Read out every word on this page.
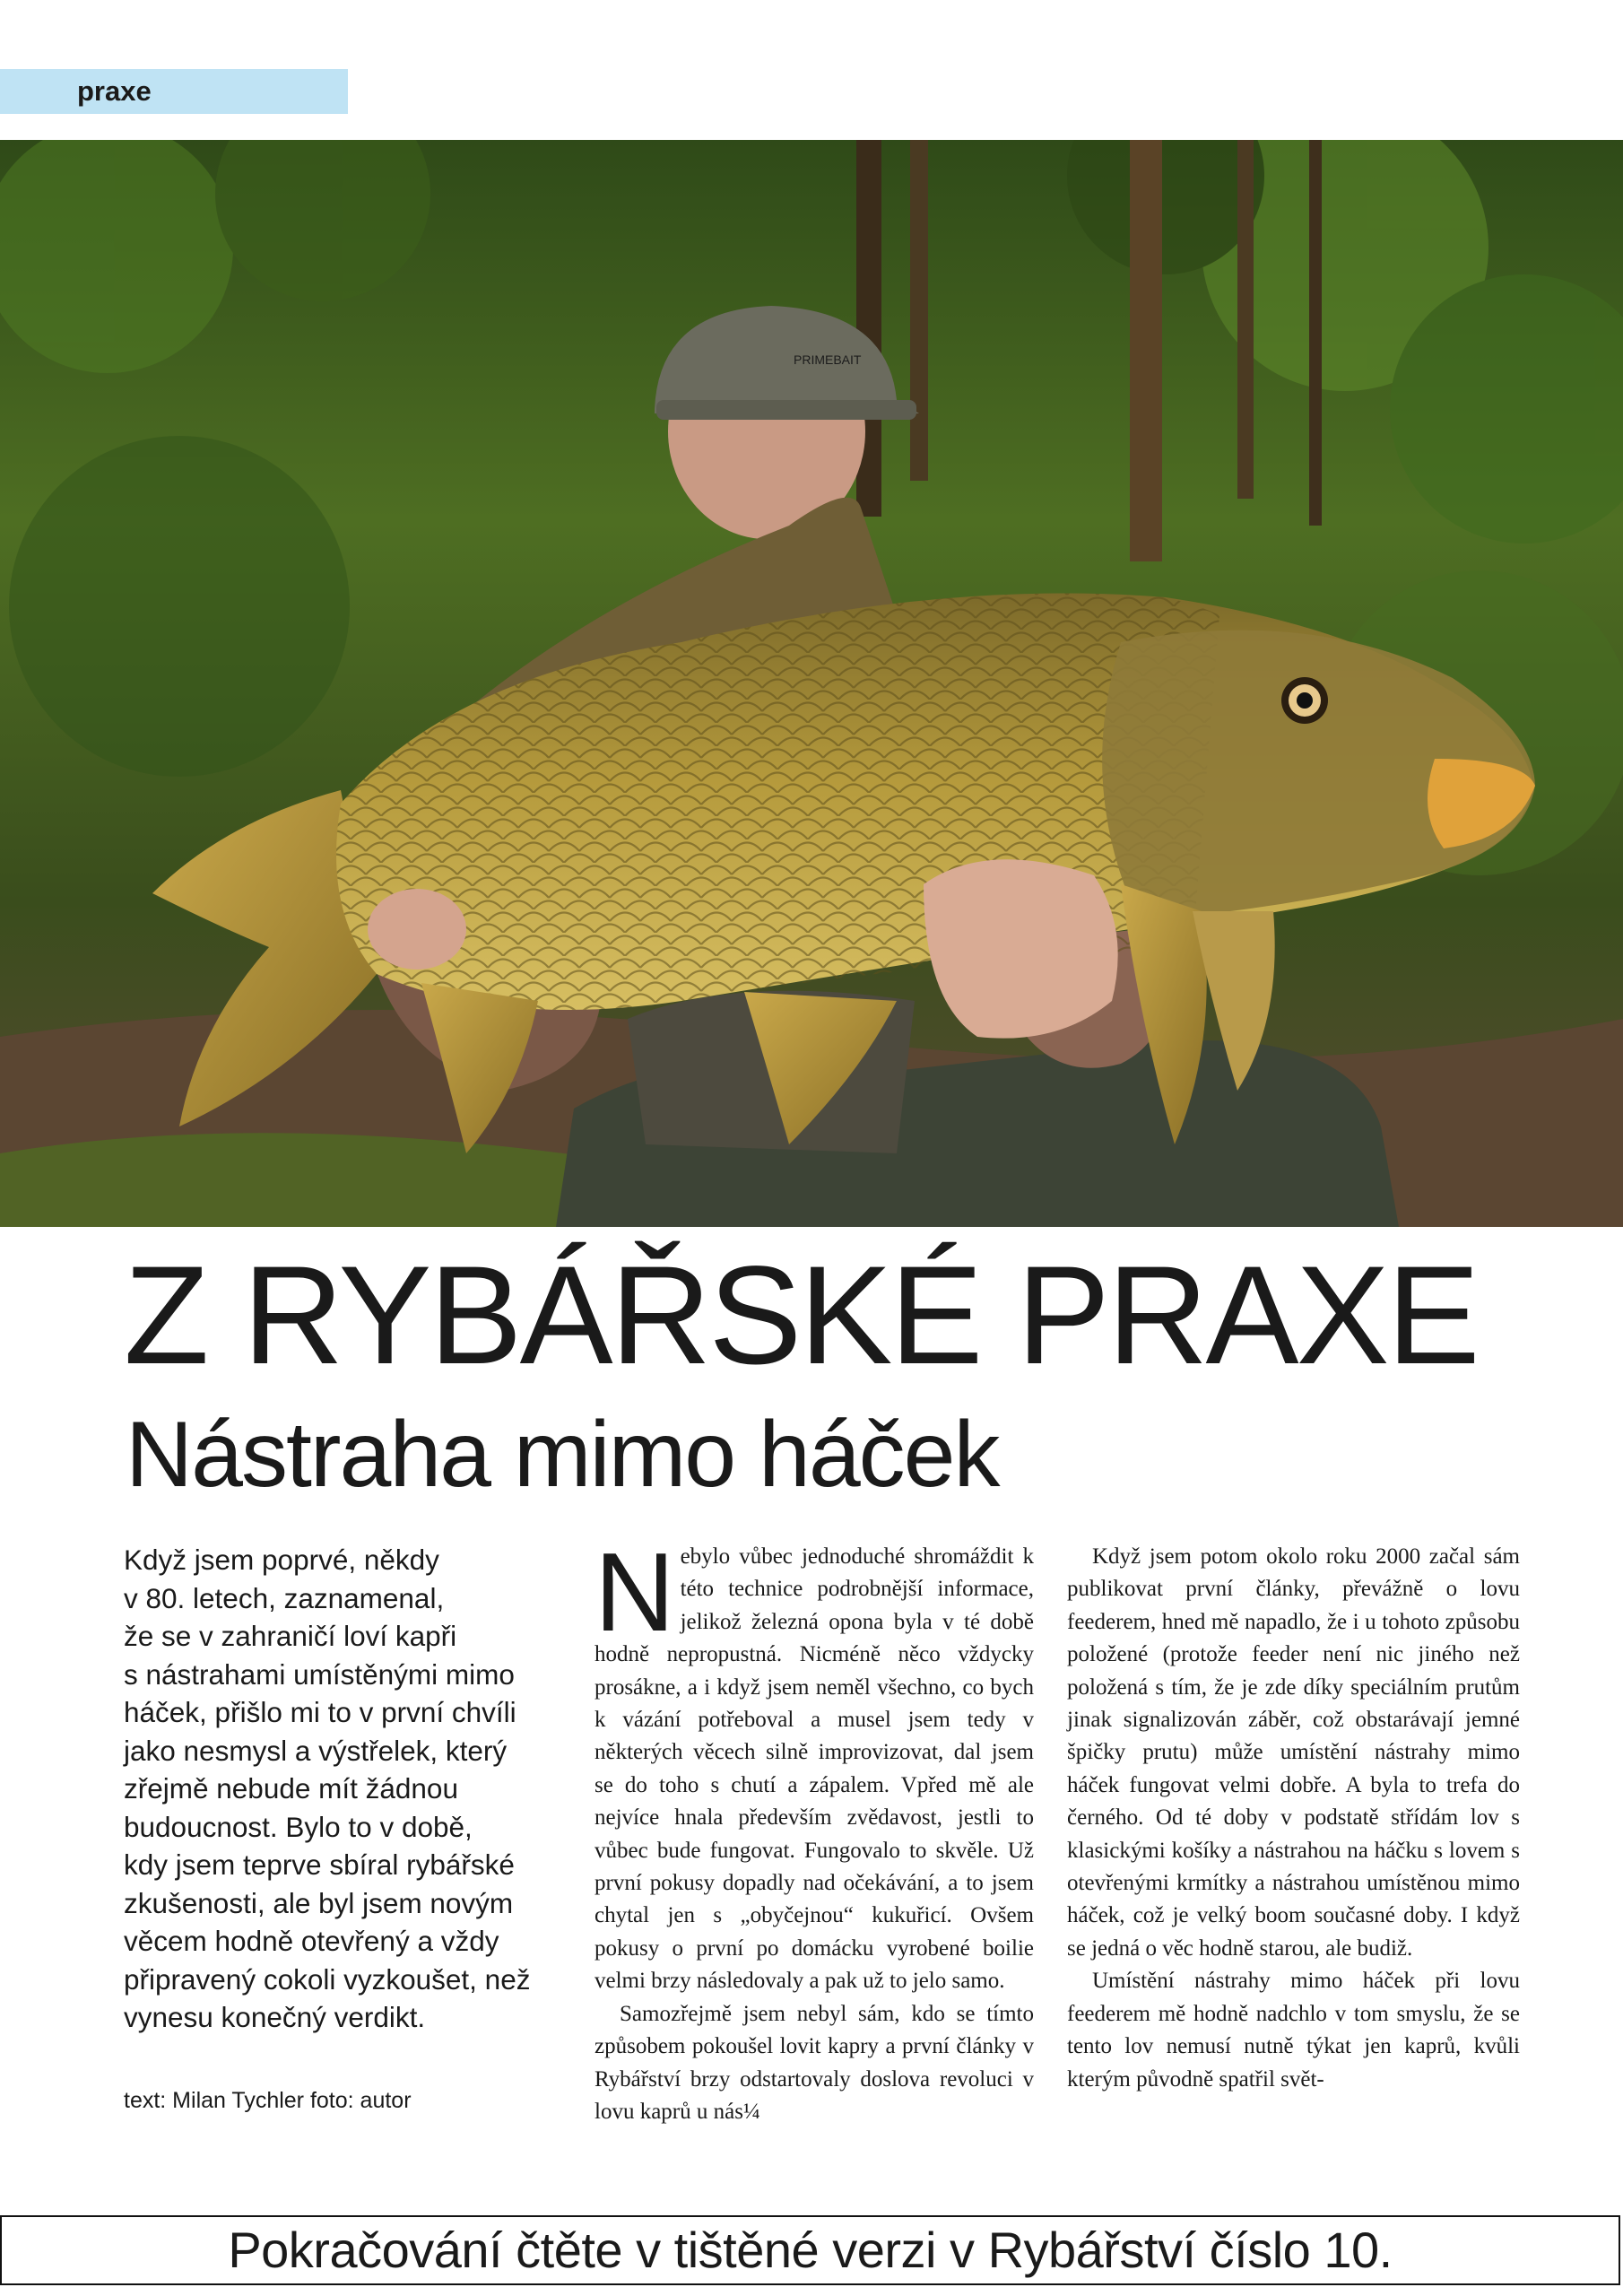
praxe
PRIMEBAIT
Z RYBÁŘSKÉ PRAXE
Nástraha mimo háček
Když jsem poprvé, někdy
v 80. letech, zaznamenal,
že se v zahraničí loví kapři
s nástrahami umístěnými mimo
háček, přišlo mi to v první chvíli
jako nesmysl a výstřelek, který
zřejmě nebude mít žádnou
budoucnost. Bylo to v době,
kdy jsem teprve sbíral rybářské
zkušenosti, ale byl jsem novým
věcem hodně otevřený a vždy
připravený cokoli vyzkoušet, než
vynesu konečný verdikt.
text: Milan Tychler foto: autor

N ebylo vůbec jednoduché shromáždit k této technice podrobnější informace, jelikož železná opona byla v té době hodně nepropustná. Nicméně něco vždycky prosákne, a i když jsem neměl všechno, co bych k vázání potřeboval a musel jsem tedy v některých věcech silně improvizovat, dal jsem se do toho s chutí a zápalem. Vpřed mě ale nejvíce hnala především zvědavost, jestli to vůbec bude fungovat. Fungovalo to skvěle. Už první pokusy dopadly nad očekávání, a to jsem chytal jen s „obyčejnou“ kukuřicí. Ovšem pokusy o první po domácku vyrobené boilie velmi brzy následovaly a pak už to jelo samo.

Samozřejmě jsem nebyl sám, kdo se tímto způsobem pokoušel lovit kapry a první články v Rybářství brzy odstartovaly doslova revoluci v lovu kaprů u nás¼

Když jsem potom okolo roku 2000 začal sám publikovat první články, převážně o lovu feederem, hned mě napadlo, že i u tohoto způsobu položené (protože feeder není nic jiného než položená s tím, že je zde díky speciálním prutům jinak signalizován záběr, což obstarávají jemné špičky prutu) může umístění nástrahy mimo háček fungovat velmi dobře. A byla to trefa do černého. Od té doby v podstatě střídám lov s klasickými košíky a nástrahou na háčku s lovem s otevřenými krmítky a nástrahou umístěnou mimo háček, což je velký boom současné doby. I když se jedná o věc hodně starou, ale budiž.

Umístění nástrahy mimo háček při lovu feederem mě hodně nadchlo v tom smyslu, že se tento lov nemusí nutně týkat jen kaprů, kvůli kterým původně spatřil svět-

Pokračování čtěte v tištěné verzi v Rybářství číslo 10.
